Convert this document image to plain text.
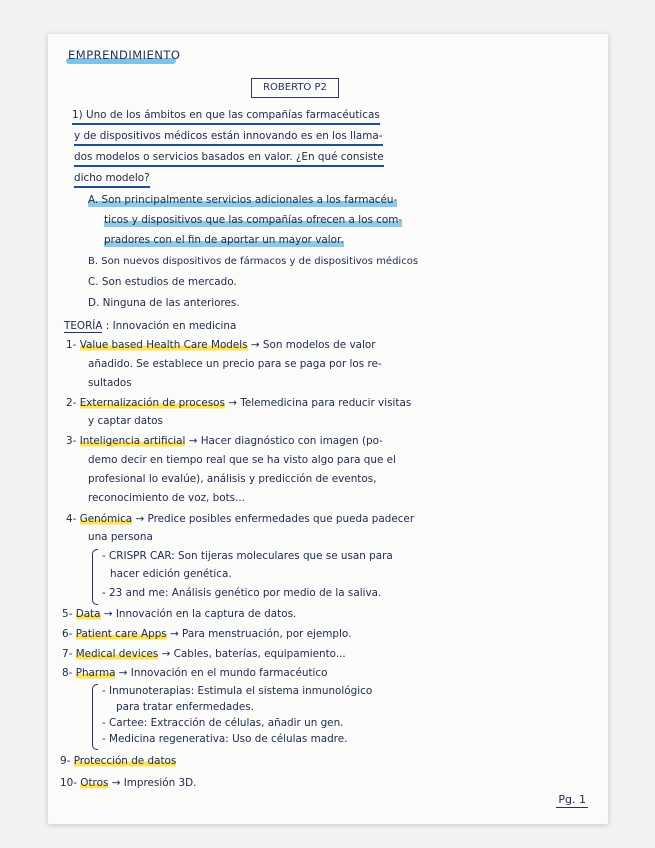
EMPRENDIMIENTO
ROBERTO P2
1) Uno de los ámbitos en que las compañías farmacéuticas
y de dispositivos médicos están innovando es en los llama-
dos modelos o servicios basados en valor. ¿En qué consiste
dicho modelo?
A. Son principalmente servicios adicionales a los farmacéu-
ticos y dispositivos que las compañías ofrecen a los com-
pradores con el fin de aportar un mayor valor.
B. Son nuevos dispositivos de fármacos y de dispositivos médicos
C. Son estudios de mercado.
D. Ninguna de las anteriores.
TEORÍA : Innovación en medicina
1- Value based Health Care Models → Son modelos de valor
añadido. Se establece un precio para se paga por los re-
sultados
2- Externalización de procesos → Telemedicina para reducir visitas
y captar datos
3- Inteligencia artificial → Hacer diagnóstico con imagen (po-
demo decir en tiempo real que se ha visto algo para que el
profesional lo evalúe), análisis y predicción de eventos,
reconocimiento de voz, bots...
4- Genómica → Predice posibles enfermedades que pueda padecer
una persona
- CRISPR CAR: Son tijeras moleculares que se usan para
hacer edición genética.
- 23 and me: Análisis genético por medio de la saliva.
5- Data → Innovación en la captura de datos.
6- Patient care Apps → Para menstruación, por ejemplo.
7- Medical devices → Cables, baterías, equipamiento...
8- Pharma → Innovación en el mundo farmacéutico
- Inmunoterapias: Estimula el sistema inmunológico
para tratar enfermedades.
- Cartee: Extracción de células, añadir un gen.
- Medicina regenerativa: Uso de células madre.
9- Protección de datos
10- Otros → Impresión 3D.
Pg. 1
